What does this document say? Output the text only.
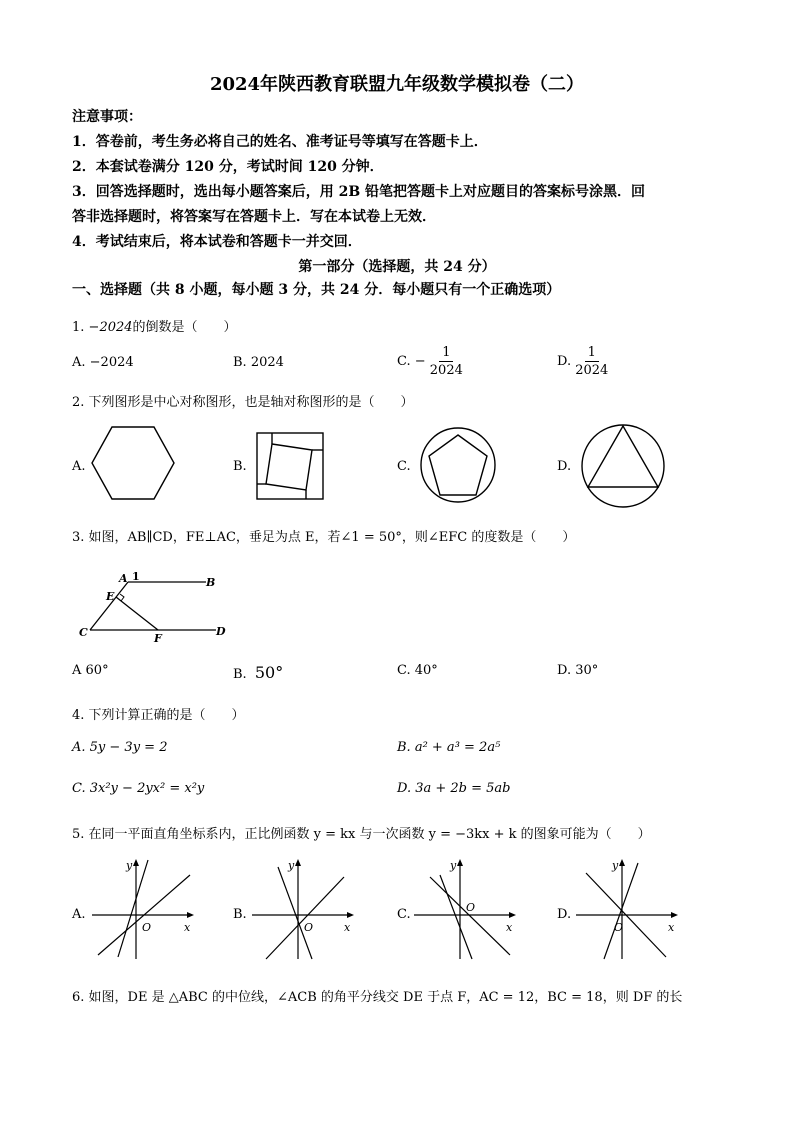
2024年陕西教育联盟九年级数学模拟卷（二）
注意事项：
1．答卷前，考生务必将自己的姓名、准考证号等填写在答题卡上．
2．本套试卷满分 120 分，考试时间 120 分钟．
3．回答选择题时，选出每小题答案后，用 2B 铅笔把答题卡上对应题目的答案标号涂黑．回
答非选择题时，将答案写在答题卡上．写在本试卷上无效．
4．考试结束后，将本试卷和答题卡一并交回．
第一部分（选择题，共 24 分）
一、选择题（共 8 小题，每小题 3 分，共 24 分．每小题只有一个正确选项）
1. −2024的倒数是（　　）
A. −2024	B. 2024	C. − $\frac{1}{2024}$	D. $\frac{1}{2024}$
2. 下列图形是中心对称图形，也是轴对称图形的是（　　）
A.	B.	C.	D.
3. 如图，AB∥CD，FE⊥AC，垂足为点 E，若∠1 = 50°，则∠EFC 的度数是（　　）
A 1	B
E
C	F
D
A 60°	B. 50°	C. 40°	D. 30°
4. 下列计算正确的是（　　）
A. 5y − 3y = 2	B. a² + a³ = 2a⁵
C. 3x²y − 2yx² = x²y	D. 3a + 2b = 5ab
5. 在同一平面直角坐标系内，正比例函数 y = kx 与一次函数 y = −3kx + k 的图象可能为（　　）
A.	B.	C.	D.
y
x
O
y
x
O
y
x
O
y
x
O
6. 如图，DE 是 △ABC 的中位线，∠ACB 的角平分线交 DE 于点 F，AC = 12，BC = 18，则 DF 的长
